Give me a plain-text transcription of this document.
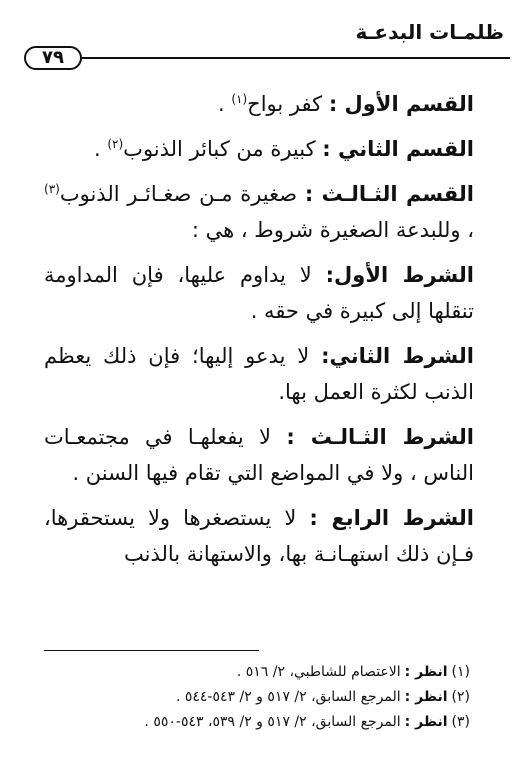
ظلمـات البدعـة
٧٩

القسم الأول : كفر بواح$^{(١)}$ .

القسم الثاني : كبيرة من كبائر الذنوب$^{(٢)}$ .

القسم الثـالـث : صغيرة مـن صغـائـر الذنوب$^{(٣)}$ ، وللبدعة الصغيرة شروط ، هي :

الشرط الأول: لا يداوم عليها، فإن المداومة تنقلها إلى كبيرة في حقه .

الشرط الثاني: لا يدعو إليها؛ فإن ذلك يعظم الذنب لكثرة العمل بها.

الشرط الثـالـث : لا يفعلهـا في مجتمعـات الناس ، ولا في المواضع التي تقام فيها السنن .

الشرط الرابع : لا يستصغرها ولا يستحقرها، فـإن ذلك استهـانـة بها، والاستهانة بالذنب

(١)انظر :الاعتصام للشاطبي، ٢/ ٥١٦ .
(٢)انظر :المرجع السابق، ٢/ ٥١٧ و ٢/ ٥٤٣-٥٤٤ .
(٣)انظر :المرجع السابق، ٢/ ٥١٧ و ٢/ ٥٣٩، ٥٤٣-٥٥٠ .
